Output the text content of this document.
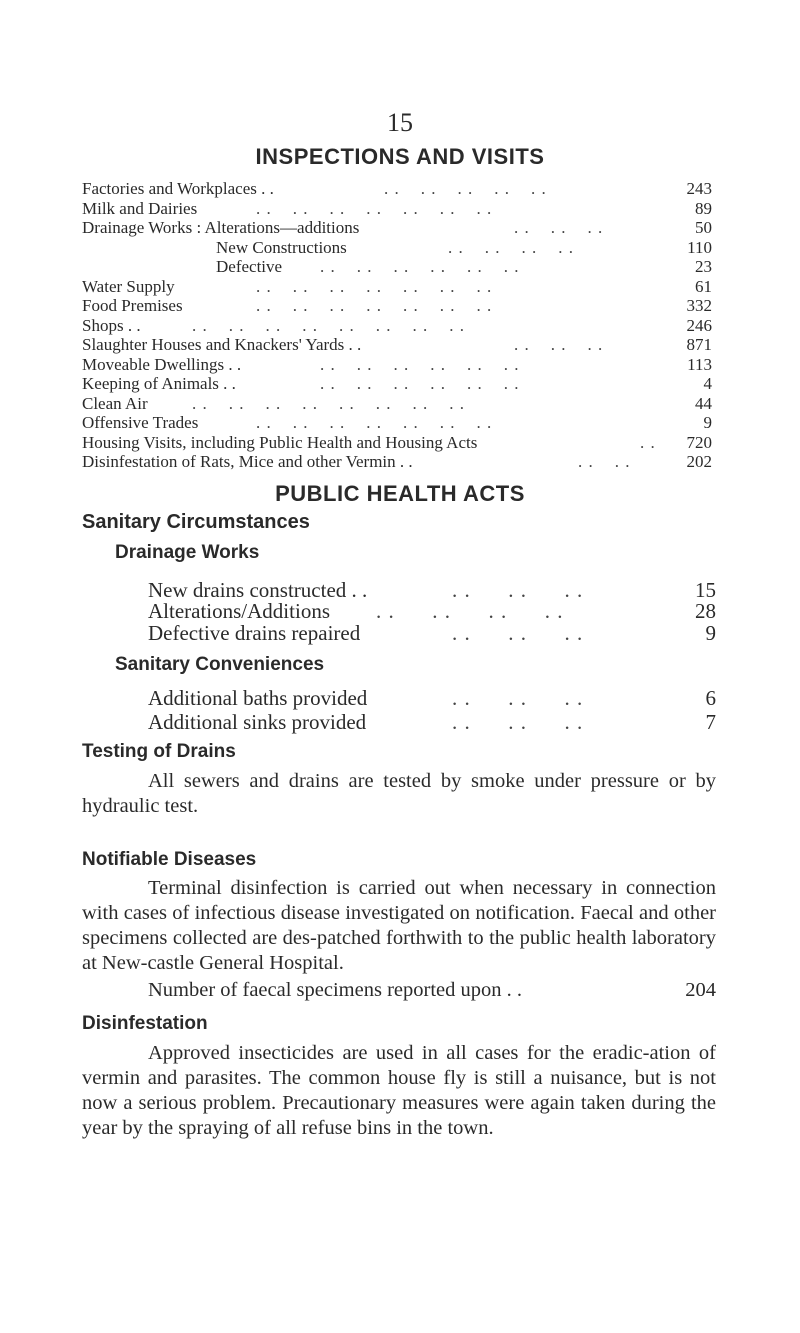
15
INSPECTIONS AND VISITS
Factories and Workplaces . .	. .    . .    . .    . .    . .	243
Milk and Dairies	. .    . .    . .    . .    . .    . .    . .	89
Drainage Works : Alterations—additions	. .    . .    . .	50
New Constructions	. .    . .    . .    . .	110
Defective . .    . .    . .    . .    . .    . .	23
Water Supply	. .    . .    . .    . .    . .    . .    . .	61
Food Premises	. .    . .    . .    . .    . .    . .    . .	332
Shops . .	. .    . .    . .    . .    . .    . .    . .    . .	246
Slaughter Houses and Knackers' Yards . .	. .    . .    . .	871
Moveable Dwellings . .	. .    . .    . .    . .    . .    . .	113
Keeping of Animals . .	. .    . .    . .    . .    . .    . .	4
Clean Air	. .    . .    . .    . .    . .    . .    . .    . .	44
Offensive Trades	. .    . .    . .    . .    . .    . .    . .	9
Housing Visits, including Public Health and Housing Acts	. . 720
Disinfestation of Rats, Mice and other Vermin . .	. .    . .	202
PUBLIC HEALTH ACTS
Sanitary Circumstances
Drainage Works
New drains constructed . .	. .      . .      . .	15
Alterations/Additions . .      . .      . .      . .	28
Defective drains repaired	. .      . .      . .	9
Sanitary Conveniences
Additional baths provided	. .      . .      . .	6
Additional sinks provided	. .      . .      . .	7
Testing of Drains
All sewers and drains are tested by smoke under pressure or by hydraulic test.
Notifiable Diseases
Terminal disinfection is carried out when necessary in connection with cases of infectious disease investigated on notification. Faecal and other specimens collected are des-patched forthwith to the public health laboratory at New-castle General Hospital.
Number of faecal specimens reported upon . .	204
Disinfestation
Approved insecticides are used in all cases for the eradic-ation of vermin and parasites. The common house fly is still a nuisance, but is not now a serious problem. Precautionary measures were again taken during the year by the spraying of all refuse bins in the town.
